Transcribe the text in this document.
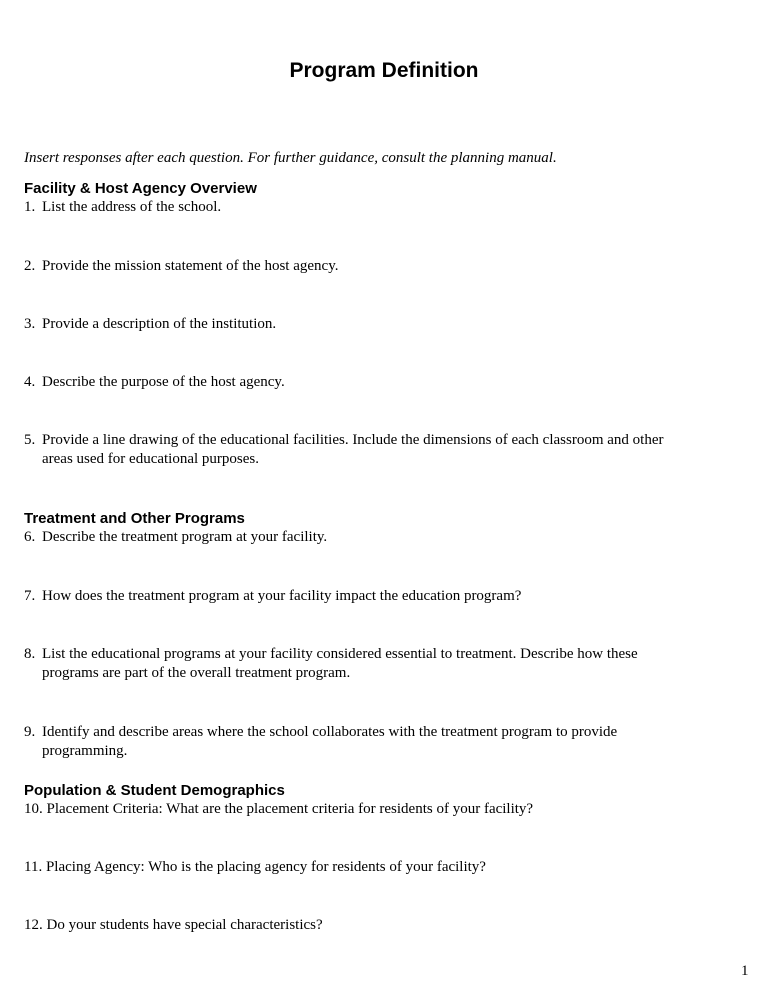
Program Definition
Insert responses after each question. For further guidance, consult the planning manual.
Facility & Host Agency Overview
1. List the address of the school.
2. Provide the mission statement of the host agency.
3. Provide a description of the institution.
4. Describe the purpose of the host agency.
5. Provide a line drawing of the educational facilities. Include the dimensions of each classroom and other
areas used for educational purposes.
Treatment and Other Programs
6. Describe the treatment program at your facility.
7. How does the treatment program at your facility impact the education program?
8. List the educational programs at your facility considered essential to treatment. Describe how these
programs are part of the overall treatment program.
9. Identify and describe areas where the school collaborates with the treatment program to provide
programming.
Population & Student Demographics
10. Placement Criteria: What are the placement criteria for residents of your facility?
11. Placing Agency: Who is the placing agency for residents of your facility?
12. Do your students have special characteristics?
1
